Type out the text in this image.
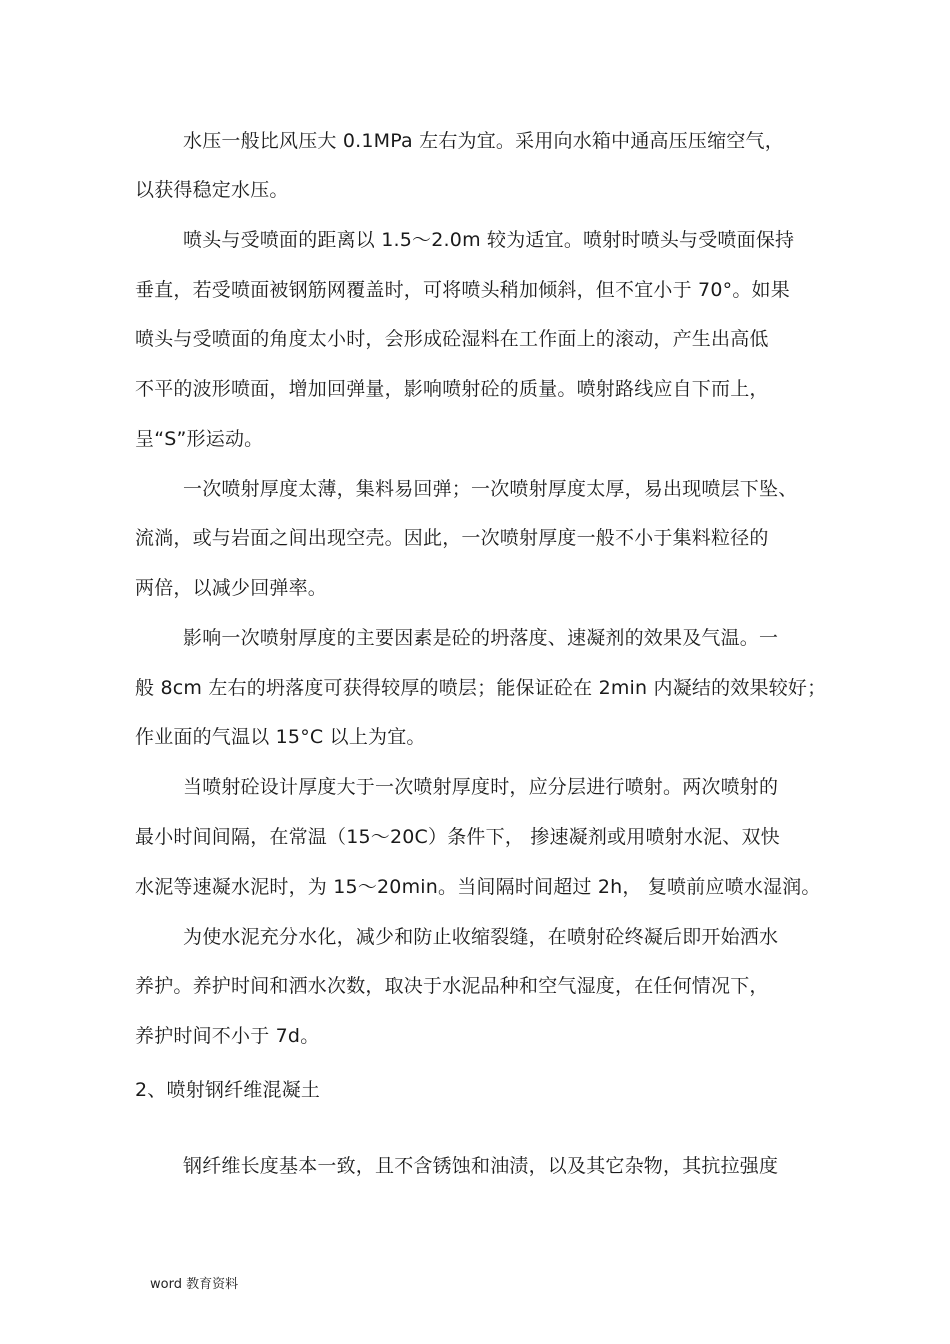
水压一般比风压大 0.1MPa 左右为宜。采用向水箱中通高压压缩空气，
以获得稳定水压。
喷头与受喷面的距离以 1.5～2.0m 较为适宜。喷射时喷头与受喷面保持
垂直，若受喷面被钢筋网覆盖时，可将喷头稍加倾斜，但不宜小于 70°。如果
喷头与受喷面的角度太小时，会形成砼湿料在工作面上的滚动，产生出高低
不平的波形喷面，增加回弹量，影响喷射砼的质量。喷射路线应自下而上，
呈“S”形运动。
一次喷射厚度太薄，集料易回弹；一次喷射厚度太厚，易出现喷层下坠、
流淌，或与岩面之间出现空壳。因此，一次喷射厚度一般不小于集料粒径的
两倍，以减少回弹率。
影响一次喷射厚度的主要因素是砼的坍落度、速凝剂的效果及气温。一
般 8cm 左右的坍落度可获得较厚的喷层；能保证砼在 2min 内凝结的效果较好；
作业面的气温以 15°C 以上为宜。
当喷射砼设计厚度大于一次喷射厚度时，应分层进行喷射。两次喷射的
最小时间间隔，在常温（15～20C）条件下， 掺速凝剂或用喷射水泥、双快
水泥等速凝水泥时，为 15～20min。当间隔时间超过 2h， 复喷前应喷水湿润。
为使水泥充分水化，减少和防止收缩裂缝，在喷射砼终凝后即开始洒水
养护。养护时间和洒水次数，取决于水泥品种和空气湿度，在任何情况下，
养护时间不小于 7d。
2、喷射钢纤维混凝土
钢纤维长度基本一致，且不含锈蚀和油渍，以及其它杂物，其抗拉强度
word 教育资料
